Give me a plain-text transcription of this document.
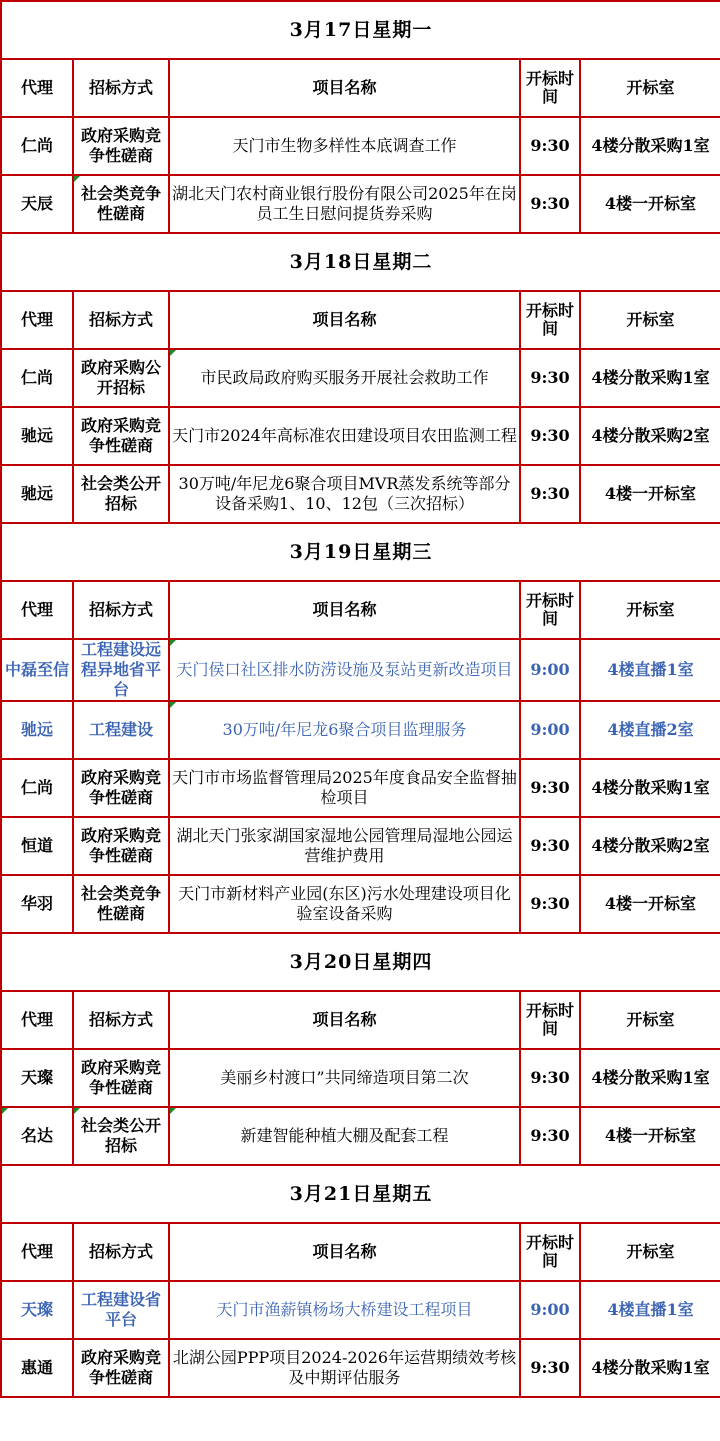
3月17日星期一				
代理	招标方式	项目名称	开标时间	开标室
仁尚	政府采购竞争性磋商	天门市生物多样性本底调查工作	9:30	4楼分散采购1室
天辰	社会类竞争性磋商	湖北天门农村商业银行股份有限公司2025年在岗员工生日慰问提货券采购	9:30	4楼一开标室
3月18日星期二				
代理	招标方式	项目名称	开标时间	开标室
仁尚	政府采购公开招标	市民政局政府购买服务开展社会救助工作	9:30	4楼分散采购1室
驰远	政府采购竞争性磋商	天门市2024年高标准农田建设项目农田监测工程	9:30	4楼分散采购2室
驰远	社会类公开招标	30万吨/年尼龙6聚合项目MVR蒸发系统等部分设备采购1、10、12包（三次招标）	9:30	4楼一开标室
3月19日星期三				
代理	招标方式	项目名称	开标时间	开标室
中磊至信	工程建设远程异地省平台	天门侯口社区排水防涝设施及泵站更新改造项目	9:00	4楼直播1室
驰远	工程建设	30万吨/年尼龙6聚合项目监理服务	9:00	4楼直播2室
仁尚	政府采购竞争性磋商	天门市市场监督管理局2025年度食品安全监督抽检项目	9:30	4楼分散采购1室
恒道	政府采购竞争性磋商	湖北天门张家湖国家湿地公园管理局湿地公园运营维护费用	9:30	4楼分散采购2室
华羽	社会类竞争性磋商	天门市新材料产业园(东区)污水处理建设项目化验室设备采购	9:30	4楼一开标室
3月20日星期四				
代理	招标方式	项目名称	开标时间	开标室
天璨	政府采购竞争性磋商	美丽乡村渡口”共同缔造项目第二次	9:30	4楼分散采购1室
名达	社会类公开招标	新建智能种植大棚及配套工程	9:30	4楼一开标室
3月21日星期五				
代理	招标方式	项目名称	开标时间	开标室
天璨	工程建设省平台	天门市渔薪镇杨场大桥建设工程项目	9:00	4楼直播1室
惠通	政府采购竞争性磋商	北湖公园PPP项目2024-2026年运营期绩效考核及中期评估服务	9:30	4楼分散采购1室
